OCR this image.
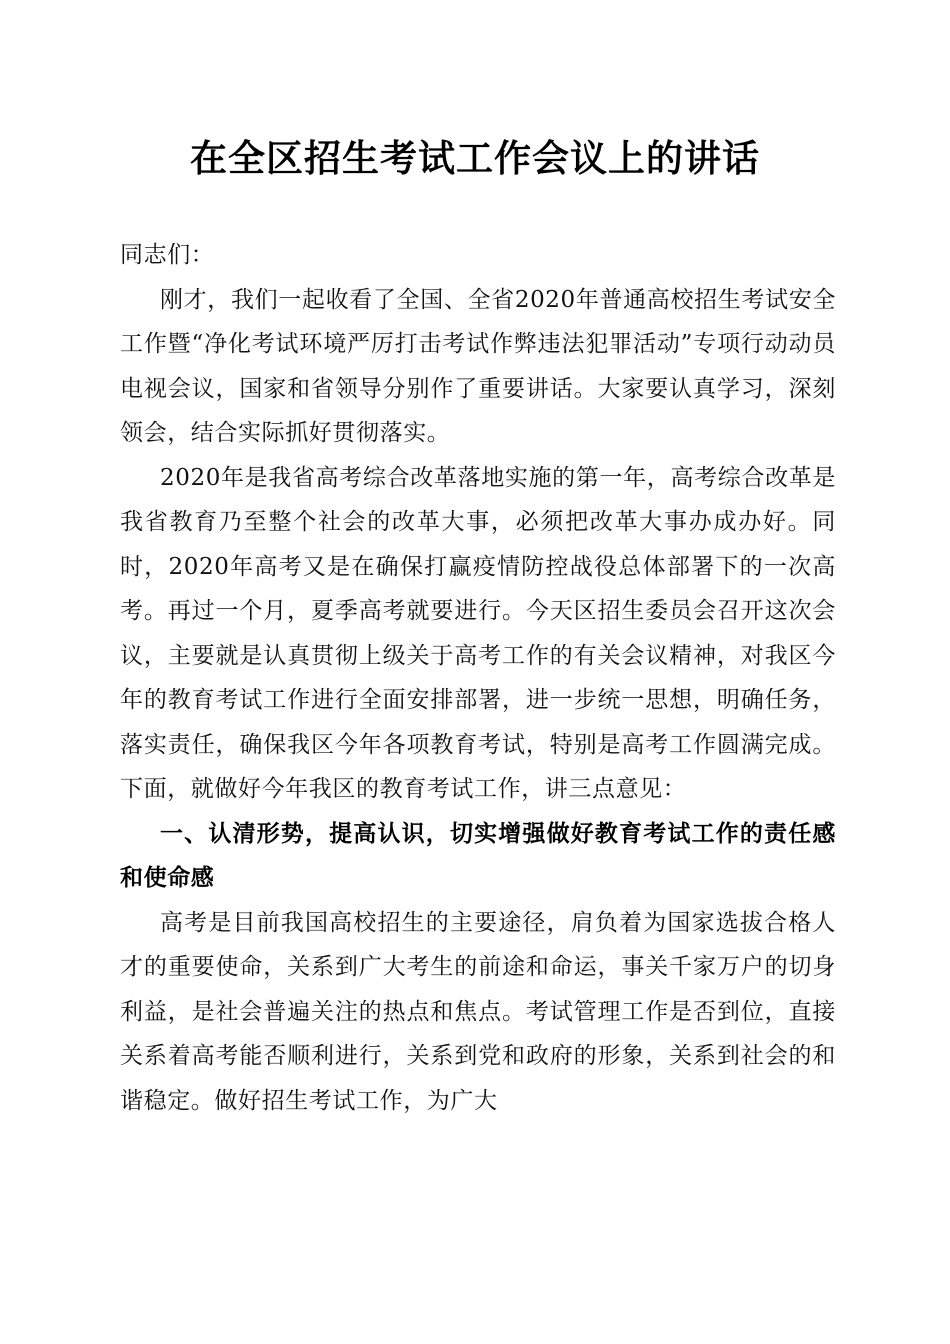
在全区招生考试工作会议上的讲话

同志们：

刚才，我们一起收看了全国、全省2020年普通高校招生考试安全工作暨“净化考试环境严厉打击考试作弊违法犯罪活动”专项行动动员电视会议，国家和省领导分别作了重要讲话。大家要认真学习，深刻领会，结合实际抓好贯彻落实。

2020年是我省高考综合改革落地实施的第一年，高考综合改革是我省教育乃至整个社会的改革大事，必须把改革大事办成办好。同时，2020年高考又是在确保打赢疫情防控战役总体部署下的一次高考。再过一个月，夏季高考就要进行。今天区招生委员会召开这次会议，主要就是认真贯彻上级关于高考工作的有关会议精神，对我区今年的教育考试工作进行全面安排部署，进一步统一思想，明确任务，落实责任，确保我区今年各项教育考试，特别是高考工作圆满完成。下面，就做好今年我区的教育考试工作，讲三点意见：

一、认清形势，提高认识，切实增强做好教育考试工作的责任感和使命感

高考是目前我国高校招生的主要途径，肩负着为国家选拔合格人才的重要使命，关系到广大考生的前途和命运，事关千家万户的切身利益，是社会普遍关注的热点和焦点。考试管理工作是否到位，直接关系着高考能否顺利进行，关系到党和政府的形象，关系到社会的和谐稳定。做好招生考试工作，为广大
